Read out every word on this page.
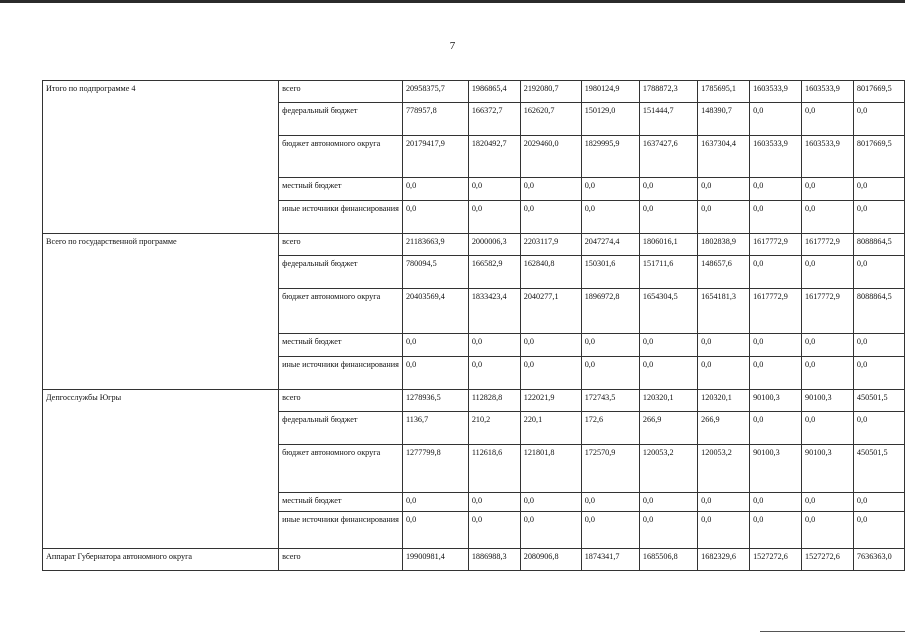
7
Итого по подпрограмме 4	всего	20958375,7	1986865,4	2192080,7	1980124,9	1788872,3	1785695,1	1603533,9	1603533,9	8017669,5
	федеральный бюджет	778957,8	166372,7	162620,7	150129,0	151444,7	148390,7	0,0	0,0	0,0
	бюджет автономного округа	20179417,9	1820492,7	2029460,0	1829995,9	1637427,6	1637304,4	1603533,9	1603533,9	8017669,5
	местный бюджет	0,0	0,0	0,0	0,0	0,0	0,0	0,0	0,0	0,0
	иные источники финансирования	0,0	0,0	0,0	0,0	0,0	0,0	0,0	0,0	0,0
Всего по государственной программе	всего	21183663,9	2000006,3	2203117,9	2047274,4	1806016,1	1802838,9	1617772,9	1617772,9	8088864,5
	федеральный бюджет	780094,5	166582,9	162840,8	150301,6	151711,6	148657,6	0,0	0,0	0,0
	бюджет автономного округа	20403569,4	1833423,4	2040277,1	1896972,8	1654304,5	1654181,3	1617772,9	1617772,9	8088864,5
	местный бюджет	0,0	0,0	0,0	0,0	0,0	0,0	0,0	0,0	0,0
	иные источники финансирования	0,0	0,0	0,0	0,0	0,0	0,0	0,0	0,0	0,0
Депгосслужбы Югры	всего	1278936,5	112828,8	122021,9	172743,5	120320,1	120320,1	90100,3	90100,3	450501,5
	федеральный бюджет	1136,7	210,2	220,1	172,6	266,9	266,9	0,0	0,0	0,0
	бюджет автономного округа	1277799,8	112618,6	121801,8	172570,9	120053,2	120053,2	90100,3	90100,3	450501,5
	местный бюджет	0,0	0,0	0,0	0,0	0,0	0,0	0,0	0,0	0,0
	иные источники финансирования	0,0	0,0	0,0	0,0	0,0	0,0	0,0	0,0	0,0
Аппарат Губернатора автономного округа	всего	19900981,4	1886988,3	2080906,8	1874341,7	1685506,8	1682329,6	1527272,6	1527272,6	7636363,0
